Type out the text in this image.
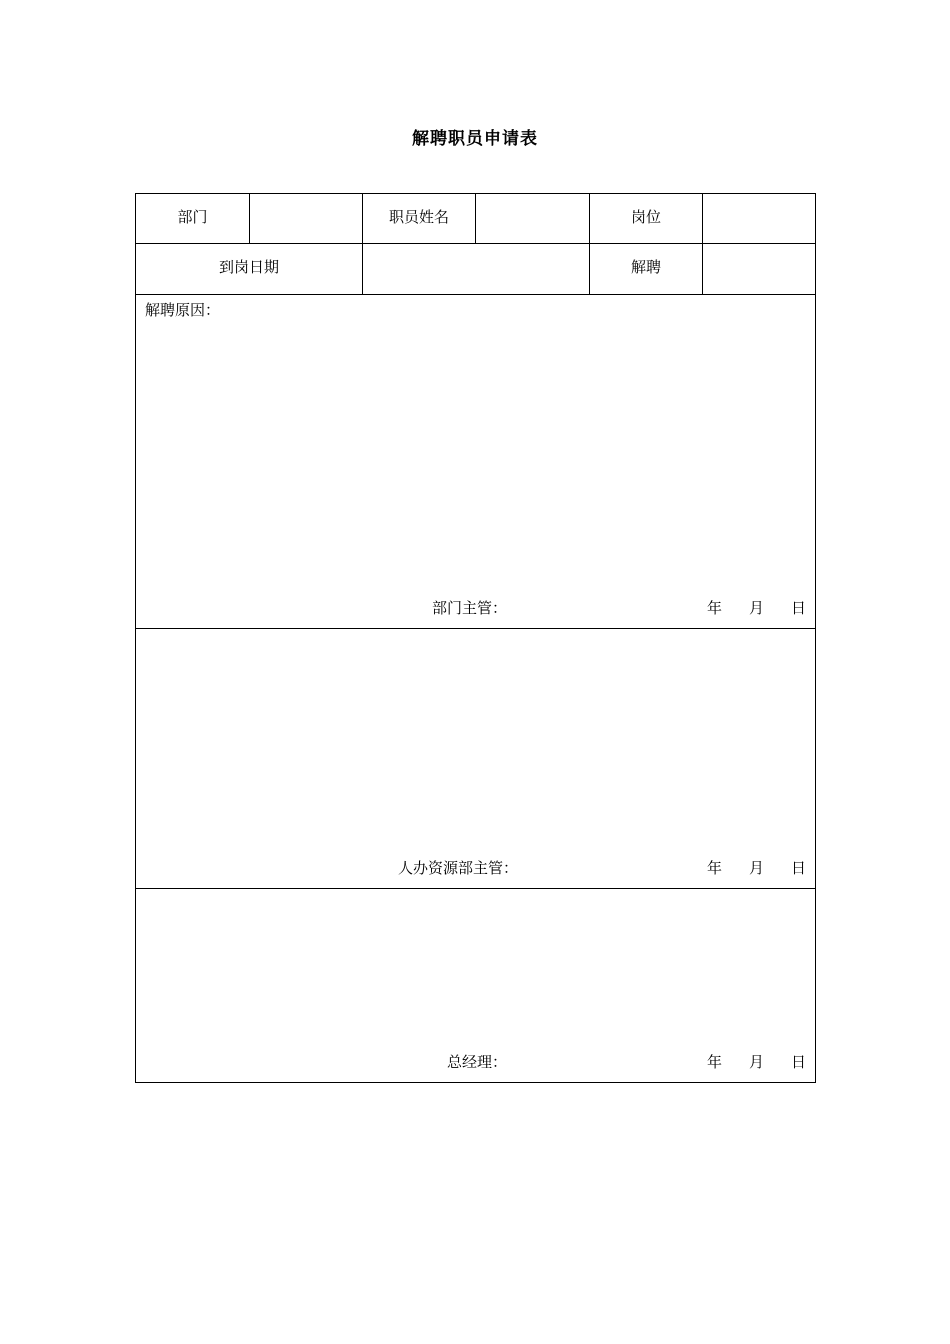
解聘职员申请表
部门	职员姓名	岗位
到岗日期	解聘
解聘原因：
部门主管：	年 月 日
人办资源部主管：	年 月 日
总经理：	年 月 日
